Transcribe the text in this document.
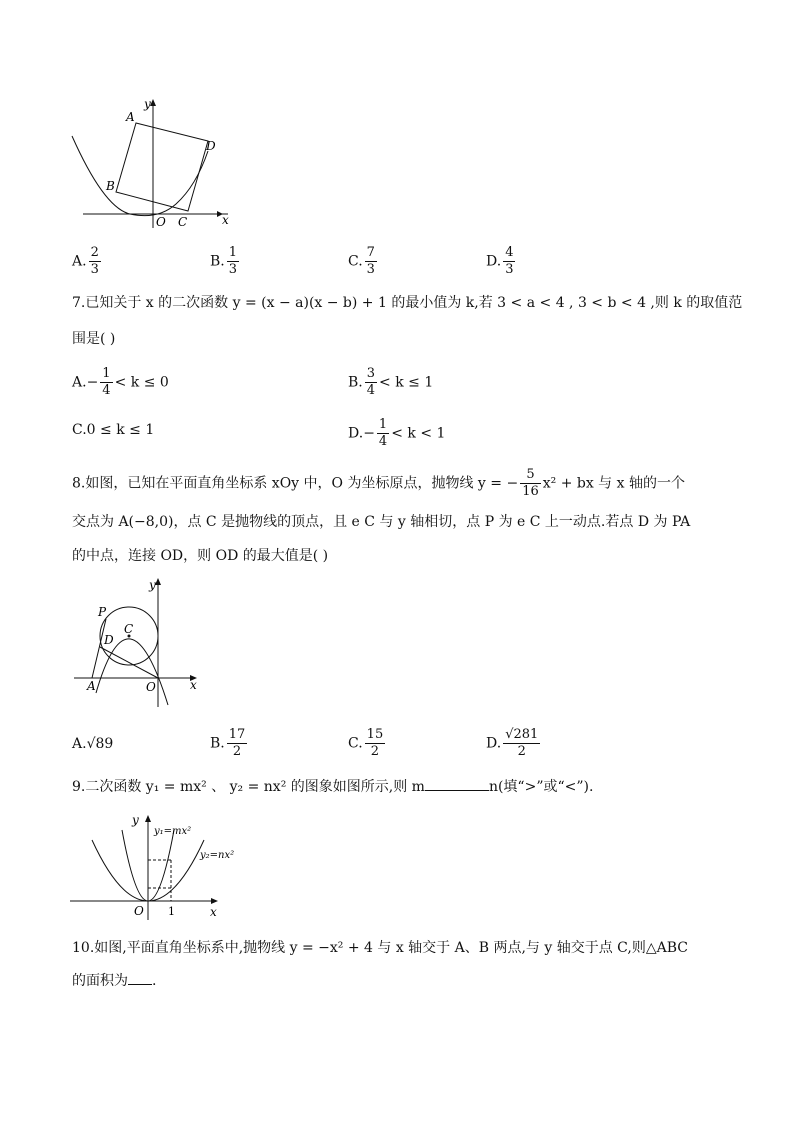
A
B
C
D
O	x
y
A. $\frac{2}{3}$	B. $\frac{1}{3}$	C. $\frac{7}{3}$	D. $\frac{4}{3}$
7.已知关于 x 的二次函数 y = (x − a)(x − b) + 1 的最小值为 k,若 3 < a < 4 , 3 < b < 4 ,则 k 的取值范
围是( )
$A.- \frac{1}{4} < k \le 0$	B. $\frac{3}{4} < k \le 1$
C.0 ≤ k ≤ 1	$D.- \frac{1}{4} < k < 1$
8.如图，已知在平面直角坐标系 xOy 中，O 为坐标原点，抛物线 y = − $\frac{5}{16} x^2$ + bx 与 x 轴的一个
交点为 A(−8,0)，点 C 是抛物线的顶点，且 e C 与 y 轴相切，点 P 为 e C 上一动点.若点 D 为 PA
的中点，连接 OD，则 OD 的最大值是( )
P
C
D
A	O	x
y
A.√89	B. $\frac{17}{2}$	C. $\frac{15}{2}$	D. $\frac{√281}{2}$
9.二次函数 y₁ = mx² 、 y₂ = nx² 的图象如图所示,则 m	n(填“>”或“<”).
y
x
O 1
y₁=mx²
y₂=nx²
10.如图,平面直角坐标系中,抛物线 y = −x² + 4 与 x 轴交于 A、B 两点,与 y 轴交于点 C,则△ABC
的面积为 .
